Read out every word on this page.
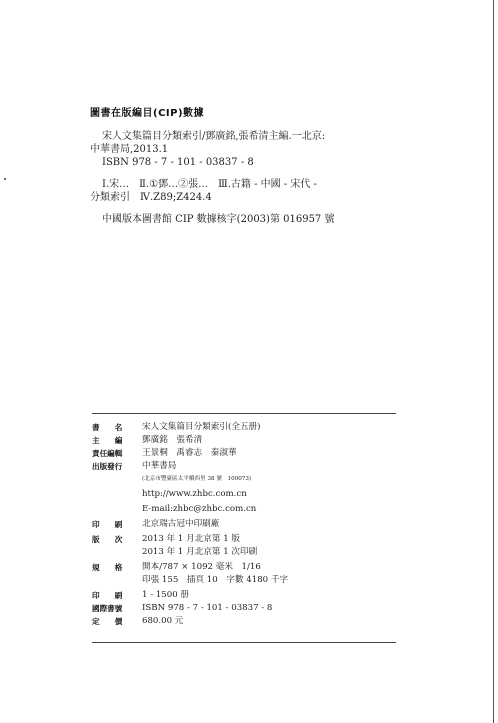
圖書在版編目(CIP)數據
宋人文集篇目分類索引/鄧廣銘,張希清主編.一北京:
中華書局,2013.1
ISBN 978 - 7 - 101 - 03837 - 8
Ⅰ.宋…　Ⅱ.①鄧…②張…　Ⅲ.古籍 - 中國 - 宋代 -
分類索引　Ⅳ.Z89;Z424.4
中國版本圖書館 CIP 數據核字(2003)第 016957 號
書　　名	宋人文集篇目分類索引(全五册)
主　　編	鄧廣銘　張希清
責任編輯	王景桐　禹睿志　秦淑華
出版發行	中華書局
(北京市豐臺區太平橋西里 38 號　100073)
http://www.zhbc.com.cn
E-mail:zhbc@zhbc.com.cn
印　　刷	北京瑞古冠中印刷廠
版　　次	2013 年 1 月北京第 1 版
2013 年 1 月北京第 1 次印刷
規　　格	開本/787 × 1092 毫米　1/16
印張 155　插頁 10　字數 4180 千字
印　　刷	1 - 1500 册
國際書號	ISBN 978 - 7 - 101 - 03837 - 8
定　　價	680.00 元
